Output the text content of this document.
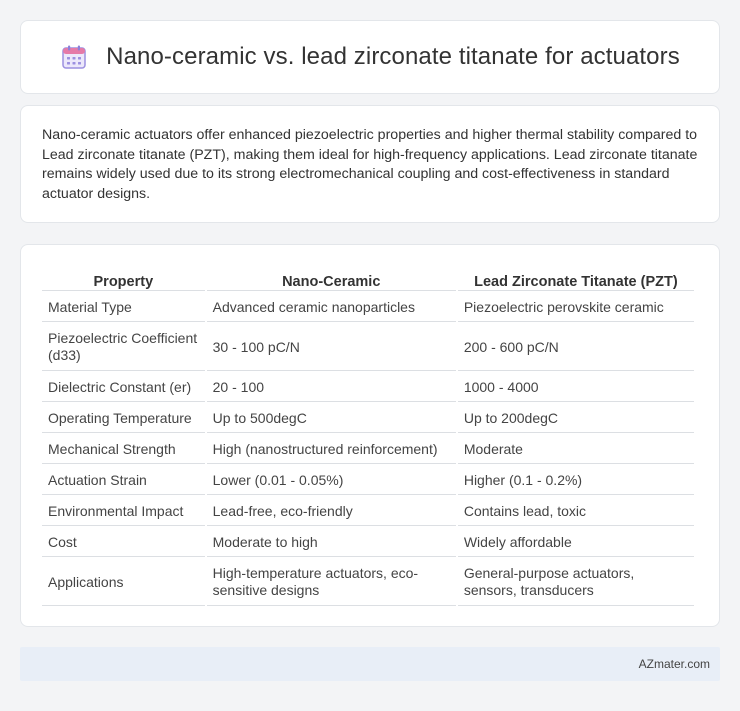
Nano-ceramic vs. lead zirconate titanate for actuators

Nano-ceramic actuators offer enhanced piezoelectric properties and higher thermal stability compared to Lead zirconate titanate (PZT), making them ideal for high-frequency applications. Lead zirconate titanate remains widely used due to its strong electromechanical coupling and cost-effectiveness in standard actuator designs.

Property	Nano-Ceramic	Lead Zirconate Titanate (PZT)
Material Type	Advanced ceramic nanoparticles	Piezoelectric perovskite ceramic
Piezoelectric Coefficient (d33)	30 - 100 pC/N	200 - 600 pC/N
Dielectric Constant (er)	20 - 100	1000 - 4000
Operating Temperature	Up to 500degC	Up to 200degC
Mechanical Strength	High (nanostructured reinforcement)	Moderate
Actuation Strain	Lower (0.01 - 0.05%)	Higher (0.1 - 0.2%)
Environmental Impact	Lead-free, eco-friendly	Contains lead, toxic
Cost	Moderate to high	Widely affordable
Applications	High-temperature actuators, eco-sensitive designs	General-purpose actuators, sensors, transducers
AZmater.com
